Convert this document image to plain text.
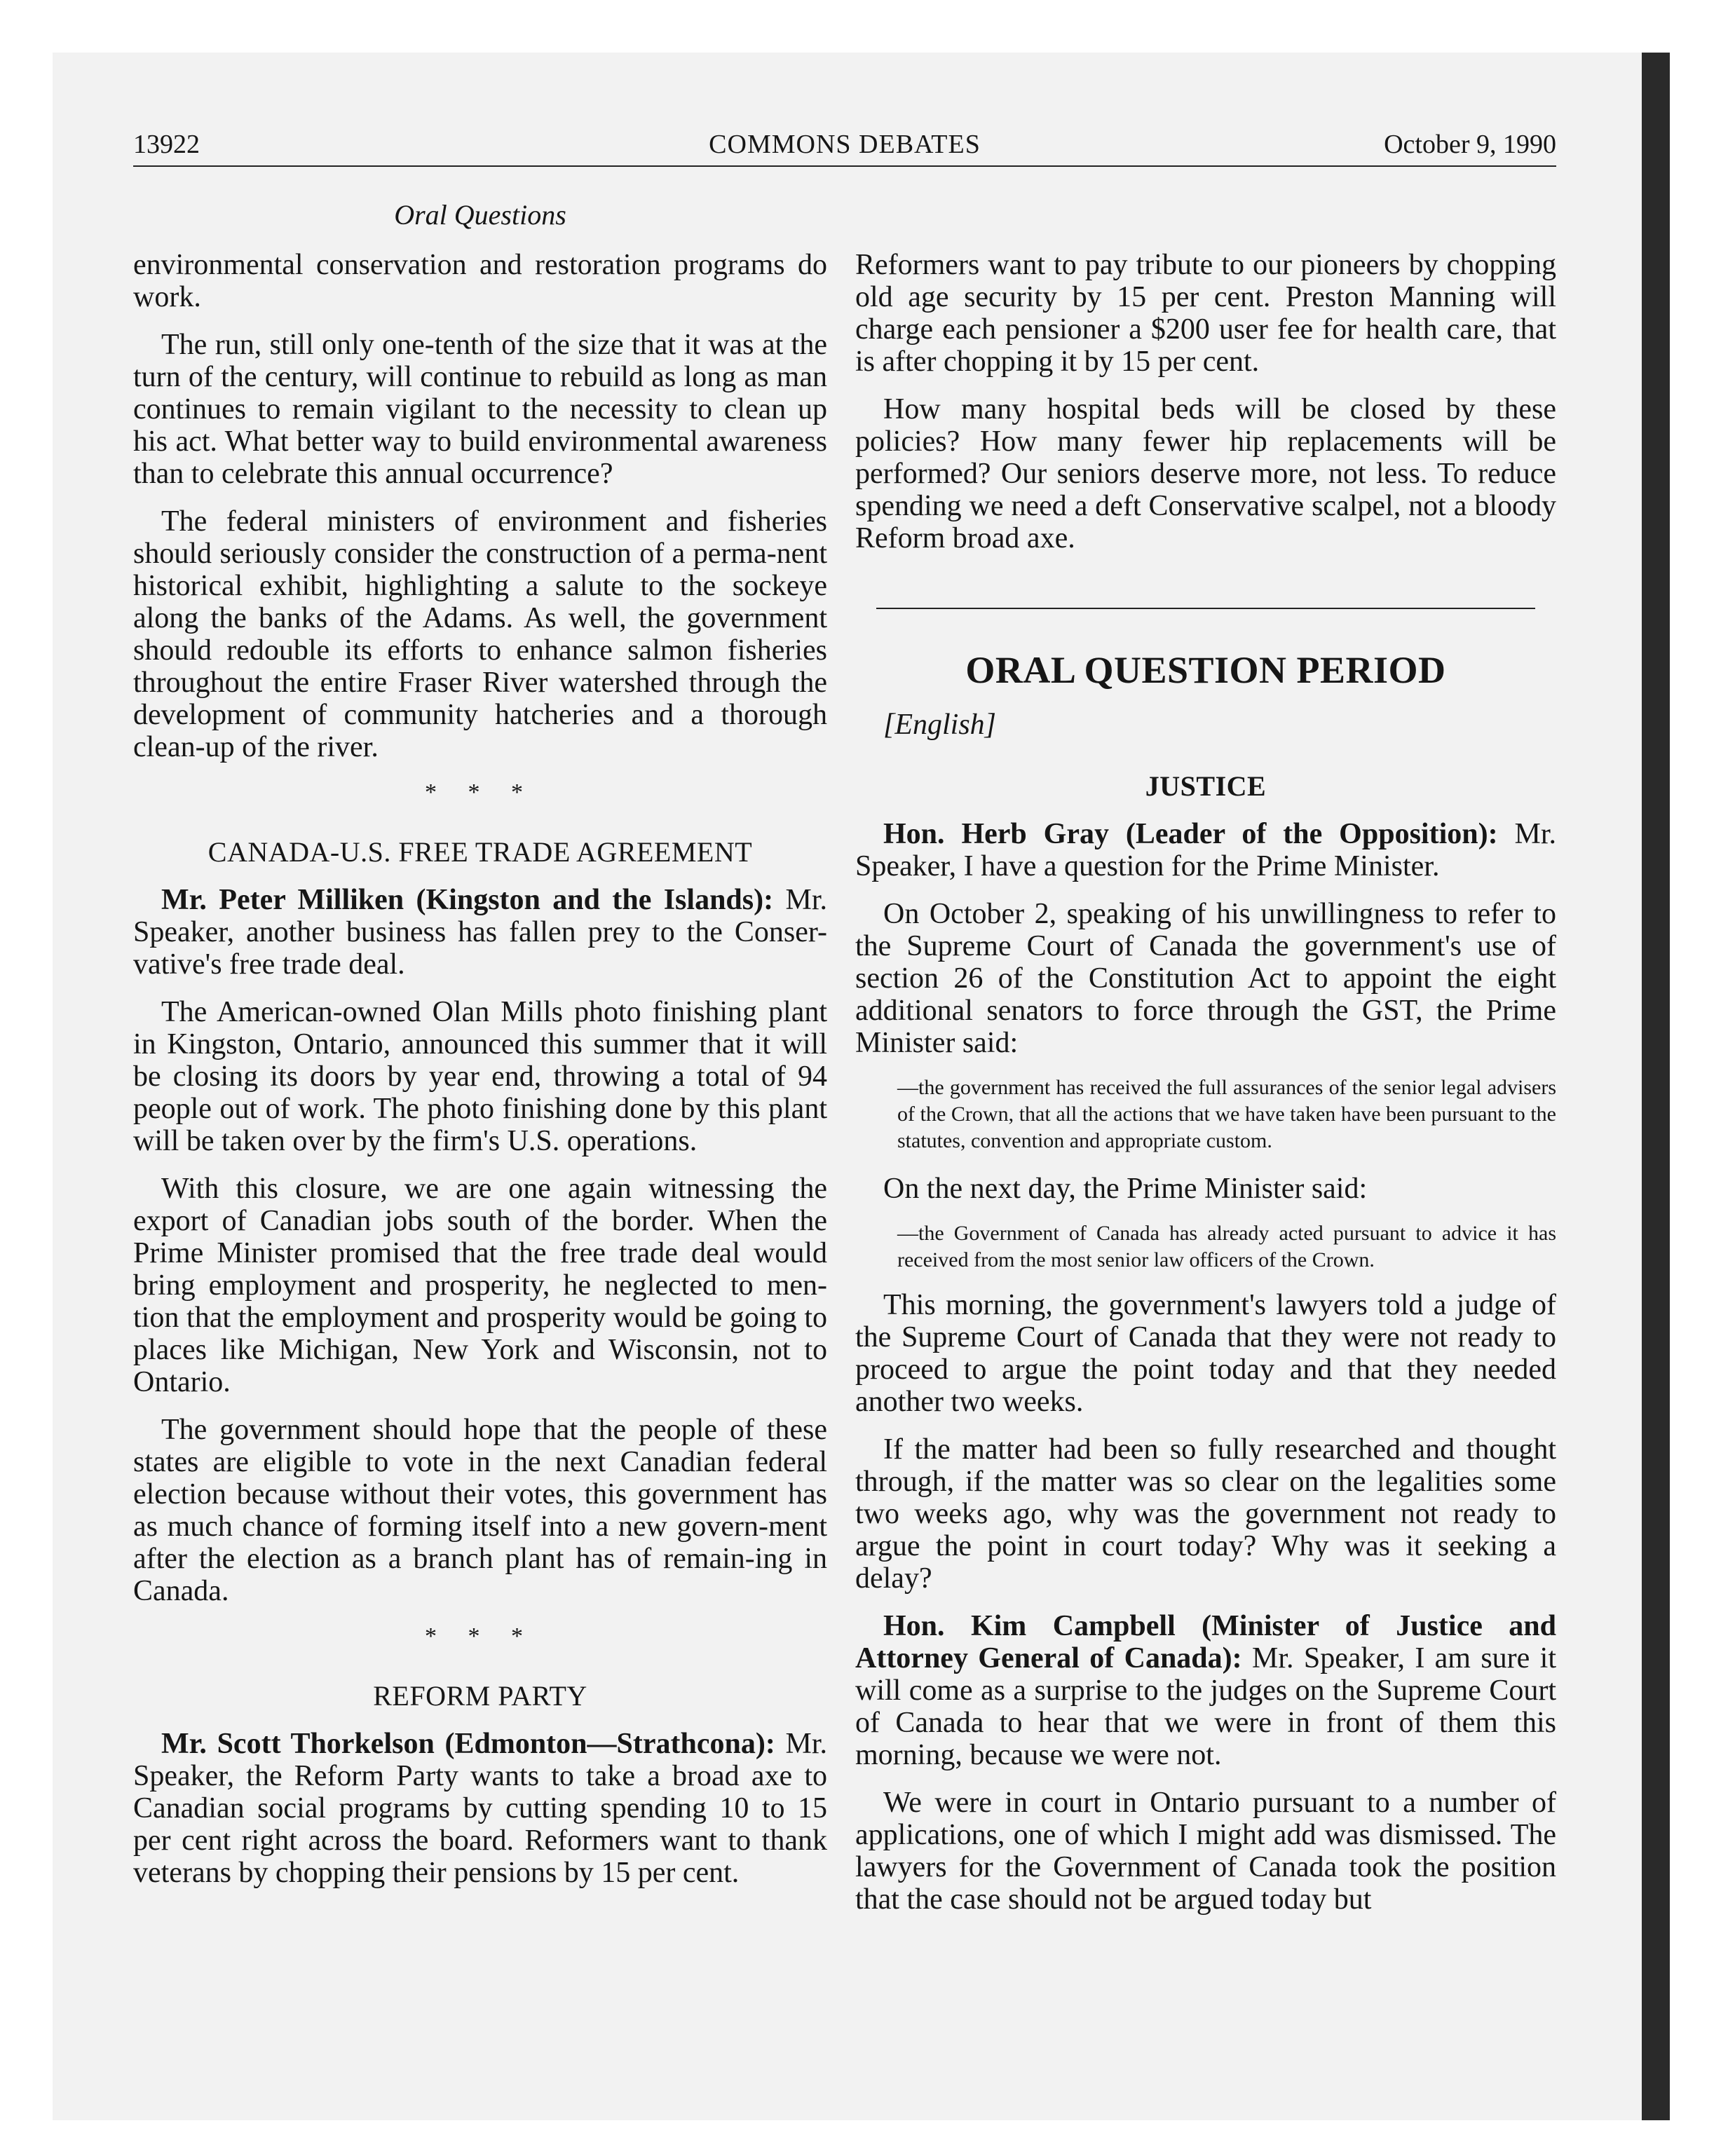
13922	COMMONS DEBATES	October 9, 1990
Oral Questions

environmental conservation and restoration programs do work.

The run, still only one-tenth of the size that it was at the turn of the century, will continue to rebuild as long as man continues to remain vigilant to the necessity to clean up his act. What better way to build environmental awareness than to celebrate this annual occurrence?

The federal ministers of environment and fisheries should seriously consider the construction of a perma-nent historical exhibit, highlighting a salute to the sockeye along the banks of the Adams. As well, the government should redouble its efforts to enhance salmon fisheries throughout the entire Fraser River watershed through the development of community hatcheries and a thorough clean-up of the river.

* * *
CANADA-U.S. FREE TRADE AGREEMENT

Mr. Peter Milliken (Kingston and the Islands): Mr. Speaker, another business has fallen prey to the Conser-vative's free trade deal.

The American-owned Olan Mills photo finishing plant in Kingston, Ontario, announced this summer that it will be closing its doors by year end, throwing a total of 94 people out of work. The photo finishing done by this plant will be taken over by the firm's U.S. operations.

With this closure, we are one again witnessing the export of Canadian jobs south of the border. When the Prime Minister promised that the free trade deal would bring employment and prosperity, he neglected to men-tion that the employment and prosperity would be going to places like Michigan, New York and Wisconsin, not to Ontario.

The government should hope that the people of these states are eligible to vote in the next Canadian federal election because without their votes, this government has as much chance of forming itself into a new govern-ment after the election as a branch plant has of remain-ing in Canada.

* * *
REFORM PARTY

Mr. Scott Thorkelson (Edmonton—Strathcona): Mr. Speaker, the Reform Party wants to take a broad axe to Canadian social programs by cutting spending 10 to 15 per cent right across the board. Reformers want to thank veterans by chopping their pensions by 15 per cent.

Reformers want to pay tribute to our pioneers by chopping old age security by 15 per cent. Preston Manning will charge each pensioner a $200 user fee for health care, that is after chopping it by 15 per cent.

How many hospital beds will be closed by these policies? How many fewer hip replacements will be performed? Our seniors deserve more, not less. To reduce spending we need a deft Conservative scalpel, not a bloody Reform broad axe.

ORAL QUESTION PERIOD

[English]

JUSTICE

Hon. Herb Gray (Leader of the Opposition): Mr. Speaker, I have a question for the Prime Minister.

On October 2, speaking of his unwillingness to refer to the Supreme Court of Canada the government's use of section 26 of the Constitution Act to appoint the eight additional senators to force through the GST, the Prime Minister said:

—the government has received the full assurances of the senior legal advisers of the Crown, that all the actions that we have taken have been pursuant to the statutes, convention and appropriate custom.

On the next day, the Prime Minister said:

—the Government of Canada has already acted pursuant to advice it has received from the most senior law officers of the Crown.

This morning, the government's lawyers told a judge of the Supreme Court of Canada that they were not ready to proceed to argue the point today and that they needed another two weeks.

If the matter had been so fully researched and thought through, if the matter was so clear on the legalities some two weeks ago, why was the government not ready to argue the point in court today? Why was it seeking a delay?

Hon. Kim Campbell (Minister of Justice and Attorney General of Canada): Mr. Speaker, I am sure it will come as a surprise to the judges on the Supreme Court of Canada to hear that we were in front of them this morning, because we were not.

We were in court in Ontario pursuant to a number of applications, one of which I might add was dismissed. The lawyers for the Government of Canada took the position that the case should not be argued today but
